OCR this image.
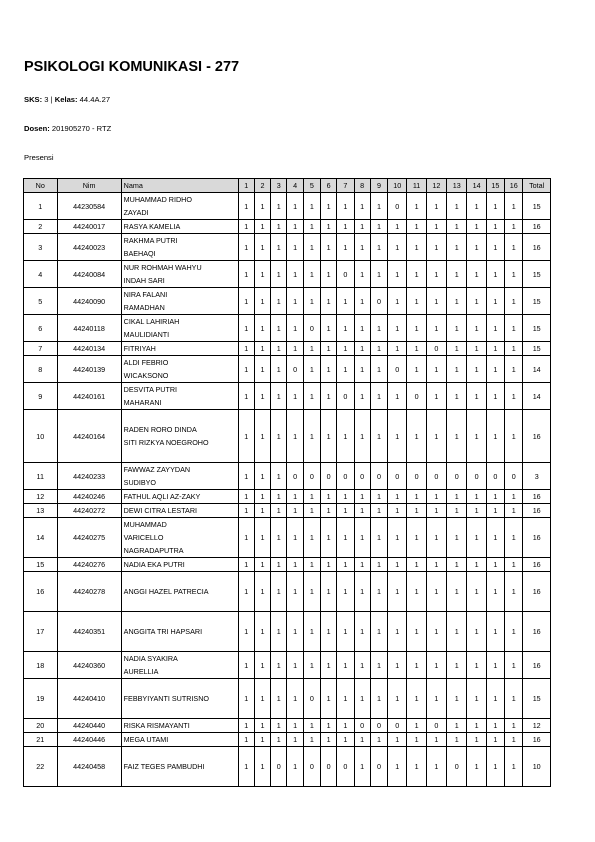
PSIKOLOGI KOMUNIKASI - 277
SKS: 3 | Kelas: 44.4A.27
Dosen: 201905270 - RTZ
Presensi
No	Nim	Nama	1	2	3	4	5	6	7	8	9	10	11	12	13	14	15	16	Total
1	44230584	MUHAMMAD RIDHO
ZAYADI	1	1	1	1	1	1	1	1	1	0	1	1	1	1	1	1	15
2	44240017	RASYA KAMELIA	1	1	1	1	1	1	1	1	1	1	1	1	1	1	1	1	16
3	44240023	RAKHMA PUTRI
BAEHAQI	1	1	1	1	1	1	1	1	1	1	1	1	1	1	1	1	16
4	44240084	NUR ROHMAH WAHYU
INDAH SARI	1	1	1	1	1	1	0	1	1	1	1	1	1	1	1	1	15
5	44240090	NIRA FALANI
RAMADHAN	1	1	1	1	1	1	1	1	0	1	1	1	1	1	1	1	15
6	44240118	CIKAL LAHIRIAH
MAULIDIANTI	1	1	1	1	0	1	1	1	1	1	1	1	1	1	1	1	15
7	44240134	FITRIYAH	1	1	1	1	1	1	1	1	1	1	1	0	1	1	1	1	15
8	44240139	ALDI FEBRIO
WICAKSONO	1	1	1	0	1	1	1	1	1	0	1	1	1	1	1	1	14
9	44240161	DESVITA PUTRI
MAHARANI	1	1	1	1	1	1	0	1	1	1	0	1	1	1	1	1	14
10	44240164	RADEN RORO DINDA
SITI RIZKYA NOEGROHO	1	1	1	1	1	1	1	1	1	1	1	1	1	1	1	1	16
11	44240233	FAWWAZ ZAYYDAN
SUDIBYO	1	1	1	0	0	0	0	0	0	0	0	0	0	0	0	0	3
12	44240246	FATHUL AQLI AZ-ZAKY	1	1	1	1	1	1	1	1	1	1	1	1	1	1	1	1	16
13	44240272	DEWI CITRA LESTARI	1	1	1	1	1	1	1	1	1	1	1	1	1	1	1	1	16
14	44240275	MUHAMMAD
VARICELLO
NAGRADAPUTRA	1	1	1	1	1	1	1	1	1	1	1	1	1	1	1	1	16
15	44240276	NADIA EKA PUTRI	1	1	1	1	1	1	1	1	1	1	1	1	1	1	1	1	16
16	44240278	ANGGI HAZEL PATRECIA	1	1	1	1	1	1	1	1	1	1	1	1	1	1	1	1	16
17	44240351	ANGGITA TRI HAPSARI	1	1	1	1	1	1	1	1	1	1	1	1	1	1	1	1	16
18	44240360	NADIA SYAKIRA
AURELLIA	1	1	1	1	1	1	1	1	1	1	1	1	1	1	1	1	16
19	44240410	FEBBYIYANTI SUTRISNO	1	1	1	1	0	1	1	1	1	1	1	1	1	1	1	1	15
20	44240440	RISKA RISMAYANTI	1	1	1	1	1	1	1	0	0	0	1	0	1	1	1	1	12
21	44240446	MEGA UTAMI	1	1	1	1	1	1	1	1	1	1	1	1	1	1	1	1	16
22	44240458	FAIZ TEGES PAMBUDHI	1	1	0	1	0	0	0	1	0	1	1	1	0	1	1	1	10
